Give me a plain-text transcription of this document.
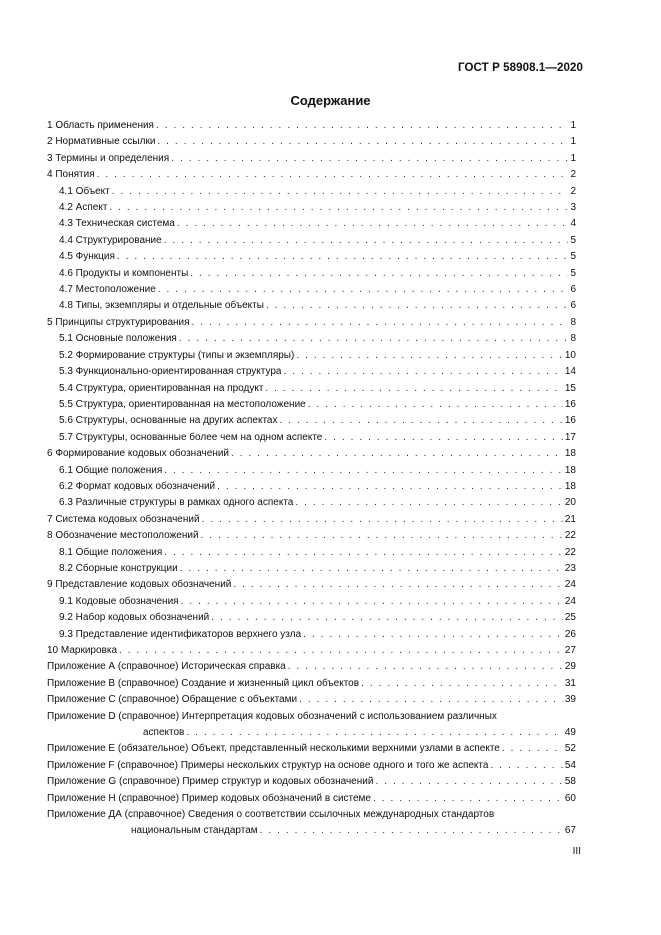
ГОСТ Р 58908.1—2020
Содержание
1 Область применения . . .	1
2 Нормативные ссылки . . .	1
3 Термины и определения . . .	1
4 Понятия . . .	2
4.1 Объект . . .	2
4.2 Аспект . . .	3
4.3 Техническая система . . .	4
4.4 Структурирование . . .	5
4.5 Функция . . .	5
4.6 Продукты и компоненты . . .	5
4.7 Местоположение . . .	6
4.8 Типы, экземпляры и отдельные объекты . . .	6
5 Принципы структурирования . . .	8
5.1 Основные положения . . .	8
5.2 Формирование структуры (типы и экземпляры) . . .	10
5.3 Функционально-ориентированная структура . . .	14
5.4 Структура, ориентированная на продукт . . .	15
5.5 Структура, ориентированная на местоположение . . .	16
5.6 Структуры, основанные на других аспектах . . .	16
5.7 Структуры, основанные более чем на одном аспекте . . .	17
6 Формирование кодовых обозначений . . .	18
6.1 Общие положения . . .	18
6.2 Формат кодовых обозначений . . .	18
6.3 Различные структуры в рамках одного аспекта . . .	20
7 Система кодовых обозначений . . .	21
8 Обозначение местоположений . . .	22
8.1 Общие положения . . .	22
8.2 Сборные конструкции . . .	23
9 Представление кодовых обозначений . . .	24
9.1 Кодовые обозначения . . .	24
9.2 Набор кодовых обозначений . . .	25
9.3 Представление идентификаторов верхнего узла . . .	26
10 Маркировка . . .	27
Приложение А (справочное) Историческая справка . . .	29
Приложение В (справочное) Создание и жизненный цикл объектов . . .	31
Приложение С (справочное) Обращение с объектами . . .	39
Приложение D (справочное) Интерпретация кодовых обозначений с использованием различных
аспектов . . .	49
Приложение Е (обязательное) Объект, представленный несколькими верхними узлами в аспекте . . .	52
Приложение F (справочное) Примеры нескольких структур на основе одного и того же аспекта . . .	54
Приложение G (справочное) Пример структур и кодовых обозначений . . .	58
Приложение Н (справочное) Пример кодовых обозначений в системе . . .	60
Приложение ДА (справочное) Сведения о соответствии ссылочных международных стандартов
национальным стандартам . . .	67
III
